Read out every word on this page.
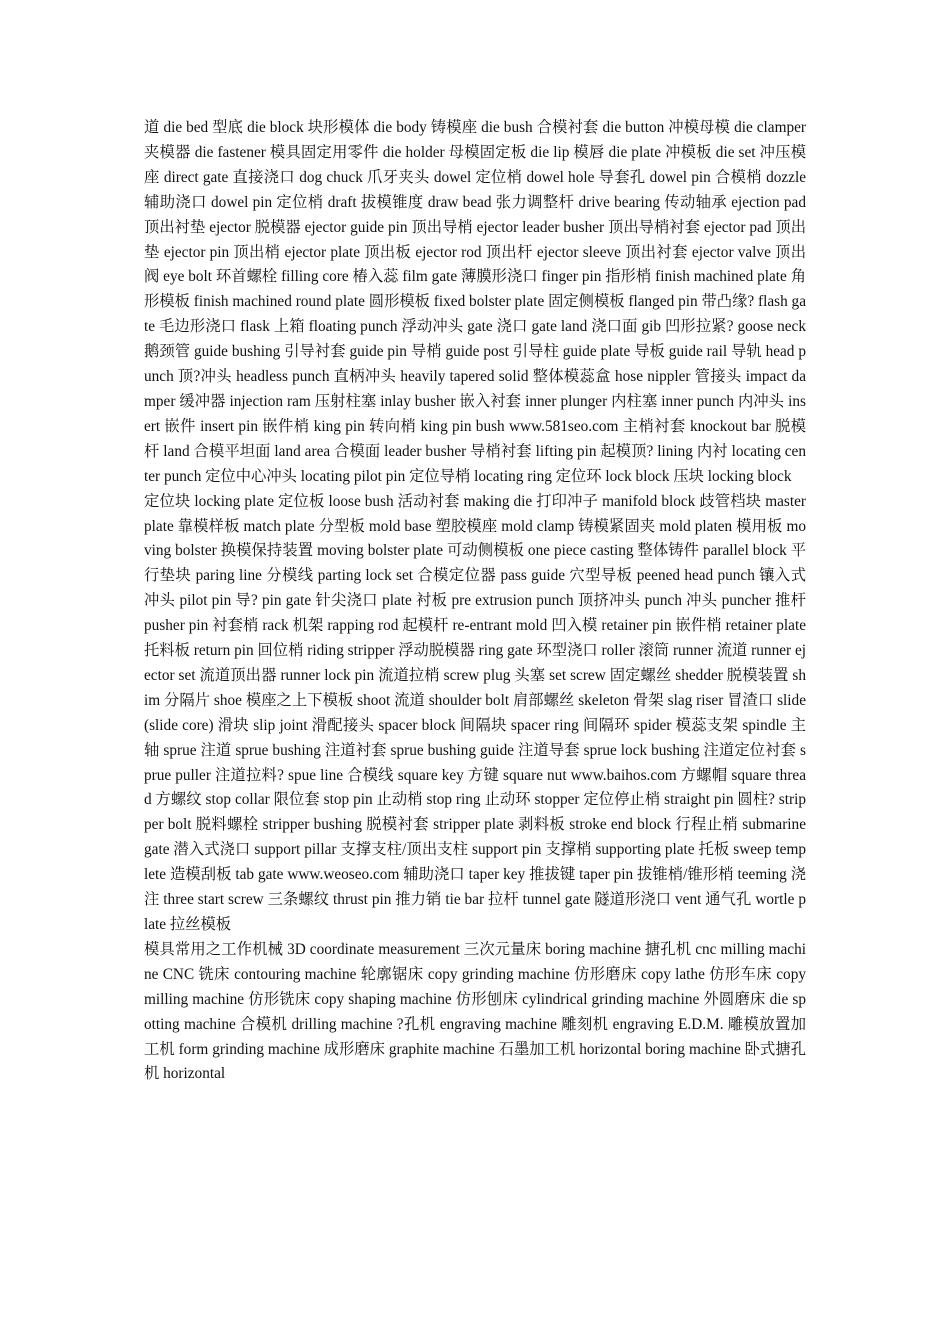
道 die bed 型底 die block 块形模体 die body 铸模座 die bush 合模衬套 die button 冲模母模 die clamper 夹模器 die fastener 模具固定用零件 die holder 母模固定板 die lip 模唇 die plate 冲模板 die set 冲压模座 direct gate 直接浇口 dog chuck 爪牙夹头 dowel 定位梢 dowel hole 导套孔 dowel pin 合模梢 dozzle 辅助浇口 dowel pin 定位梢 draft 拔模锥度 draw bead 张力调整杆 drive bearing 传动轴承 ejection pad 顶出衬垫 ejector 脱模器 ejector guide pin 顶出导梢 ejector leader busher 顶出导梢衬套 ejector pad 顶出垫 ejector pin 顶出梢 ejector plate 顶出板 ejector rod 顶出杆 ejector sleeve 顶出衬套 ejector valve 顶出阀 eye bolt 环首螺栓 filling core 椿入蕊 film gate 薄膜形浇口 finger pin 指形梢 finish machined plate 角形模板 finish machined round plate 圆形模板 fixed bolster plate 固定侧模板 flanged pin 带凸缘? flash gate 毛边形浇口 flask 上箱 floating punch 浮动冲头 gate 浇口 gate land 浇口面 gib 凹形拉紧? goose neck 鹅颈管 guide bushing 引导衬套 guide pin 导梢 guide post 引导柱 guide plate 导板 guide rail 导轨 head punch 顶?冲头 headless punch 直柄冲头 heavily tapered solid 整体模蕊盒 hose nippler 管接头 impact damper 缓冲器 injection ram 压射柱塞 inlay busher 嵌入衬套 inner plunger 内柱塞 inner punch 内冲头 insert 嵌件 insert pin 嵌件梢 king pin 转向梢 king pin bush www.581seo.com 主梢衬套 knockout bar 脱模杆 land 合模平坦面 land area 合模面 leader busher 导梢衬套 lifting pin 起模顶? lining 内衬 locating center punch 定位中心冲头 locating pilot pin 定位导梢 locating ring 定位环 lock block 压块 locking block

定位块 locking plate 定位板 loose bush 活动衬套 making die 打印冲子 manifold block 歧管档块 master plate 靠模样板 match plate 分型板 mold base 塑胶模座 mold clamp 铸模紧固夹 mold platen 模用板 moving bolster 换模保持装置 moving bolster plate 可动侧模板 one piece casting 整体铸件 parallel block 平行垫块 paring line 分模线 parting lock set 合模定位器 pass guide 穴型导板 peened head punch 镶入式冲头 pilot pin 导? pin gate 针尖浇口 plate 衬板 pre extrusion punch 顶挤冲头 punch 冲头 puncher 推杆 pusher pin 衬套梢 rack 机架 rapping rod 起模杆 re-entrant mold 凹入模 retainer pin 嵌件梢 retainer plate 托料板 return pin 回位梢 riding stripper 浮动脱模器 ring gate 环型浇口 roller 滚筒 runner 流道 runner ejector set 流道顶出器 runner lock pin 流道拉梢 screw plug 头塞 set screw 固定螺丝 shedder 脱模装置 shim 分隔片 shoe 模座之上下模板 shoot 流道 shoulder bolt 肩部螺丝 skeleton 骨架 slag riser 冒渣口 slide(slide core) 滑块 slip joint 滑配接头 spacer block 间隔块 spacer ring 间隔环 spider 模蕊支架 spindle 主轴 sprue 注道 sprue bushing 注道衬套 sprue bushing guide 注道导套 sprue lock bushing 注道定位衬套 sprue puller 注道拉料? spue line 合模线 square key 方键 square nut www.baihos.com 方螺帽 square thread 方螺纹 stop collar 限位套 stop pin 止动梢 stop ring 止动环 stopper 定位停止梢 straight pin 圆柱? stripper bolt 脱料螺栓 stripper bushing 脱模衬套 stripper plate 剥料板 stroke end block 行程止梢 submarine gate 潜入式浇口 support pillar 支撑支柱/顶出支柱 support pin 支撑梢 supporting plate 托板 sweep templete 造模刮板 tab gate www.weoseo.com 辅助浇口 taper key 推拔键 taper pin 拔锥梢/锥形梢 teeming 浇注 three start screw 三条螺纹 thrust pin 推力销 tie bar 拉杆 tunnel gate 隧道形浇口 vent 通气孔 wortle plate 拉丝模板

模具常用之工作机械 3D coordinate measurement 三次元量床 boring machine 搪孔机 cnc milling machine CNC 铣床 contouring machine 轮廓锯床 copy grinding machine 仿形磨床 copy lathe 仿形车床 copy milling machine 仿形铣床 copy shaping machine 仿形刨床 cylindrical grinding machine 外圆磨床 die spotting machine 合模机 drilling machine ?孔机 engraving machine 雕刻机 engraving E.D.M. 雕模放置加工机 form grinding machine 成形磨床 graphite machine 石墨加工机 horizontal boring machine 卧式搪孔机 horizontal
